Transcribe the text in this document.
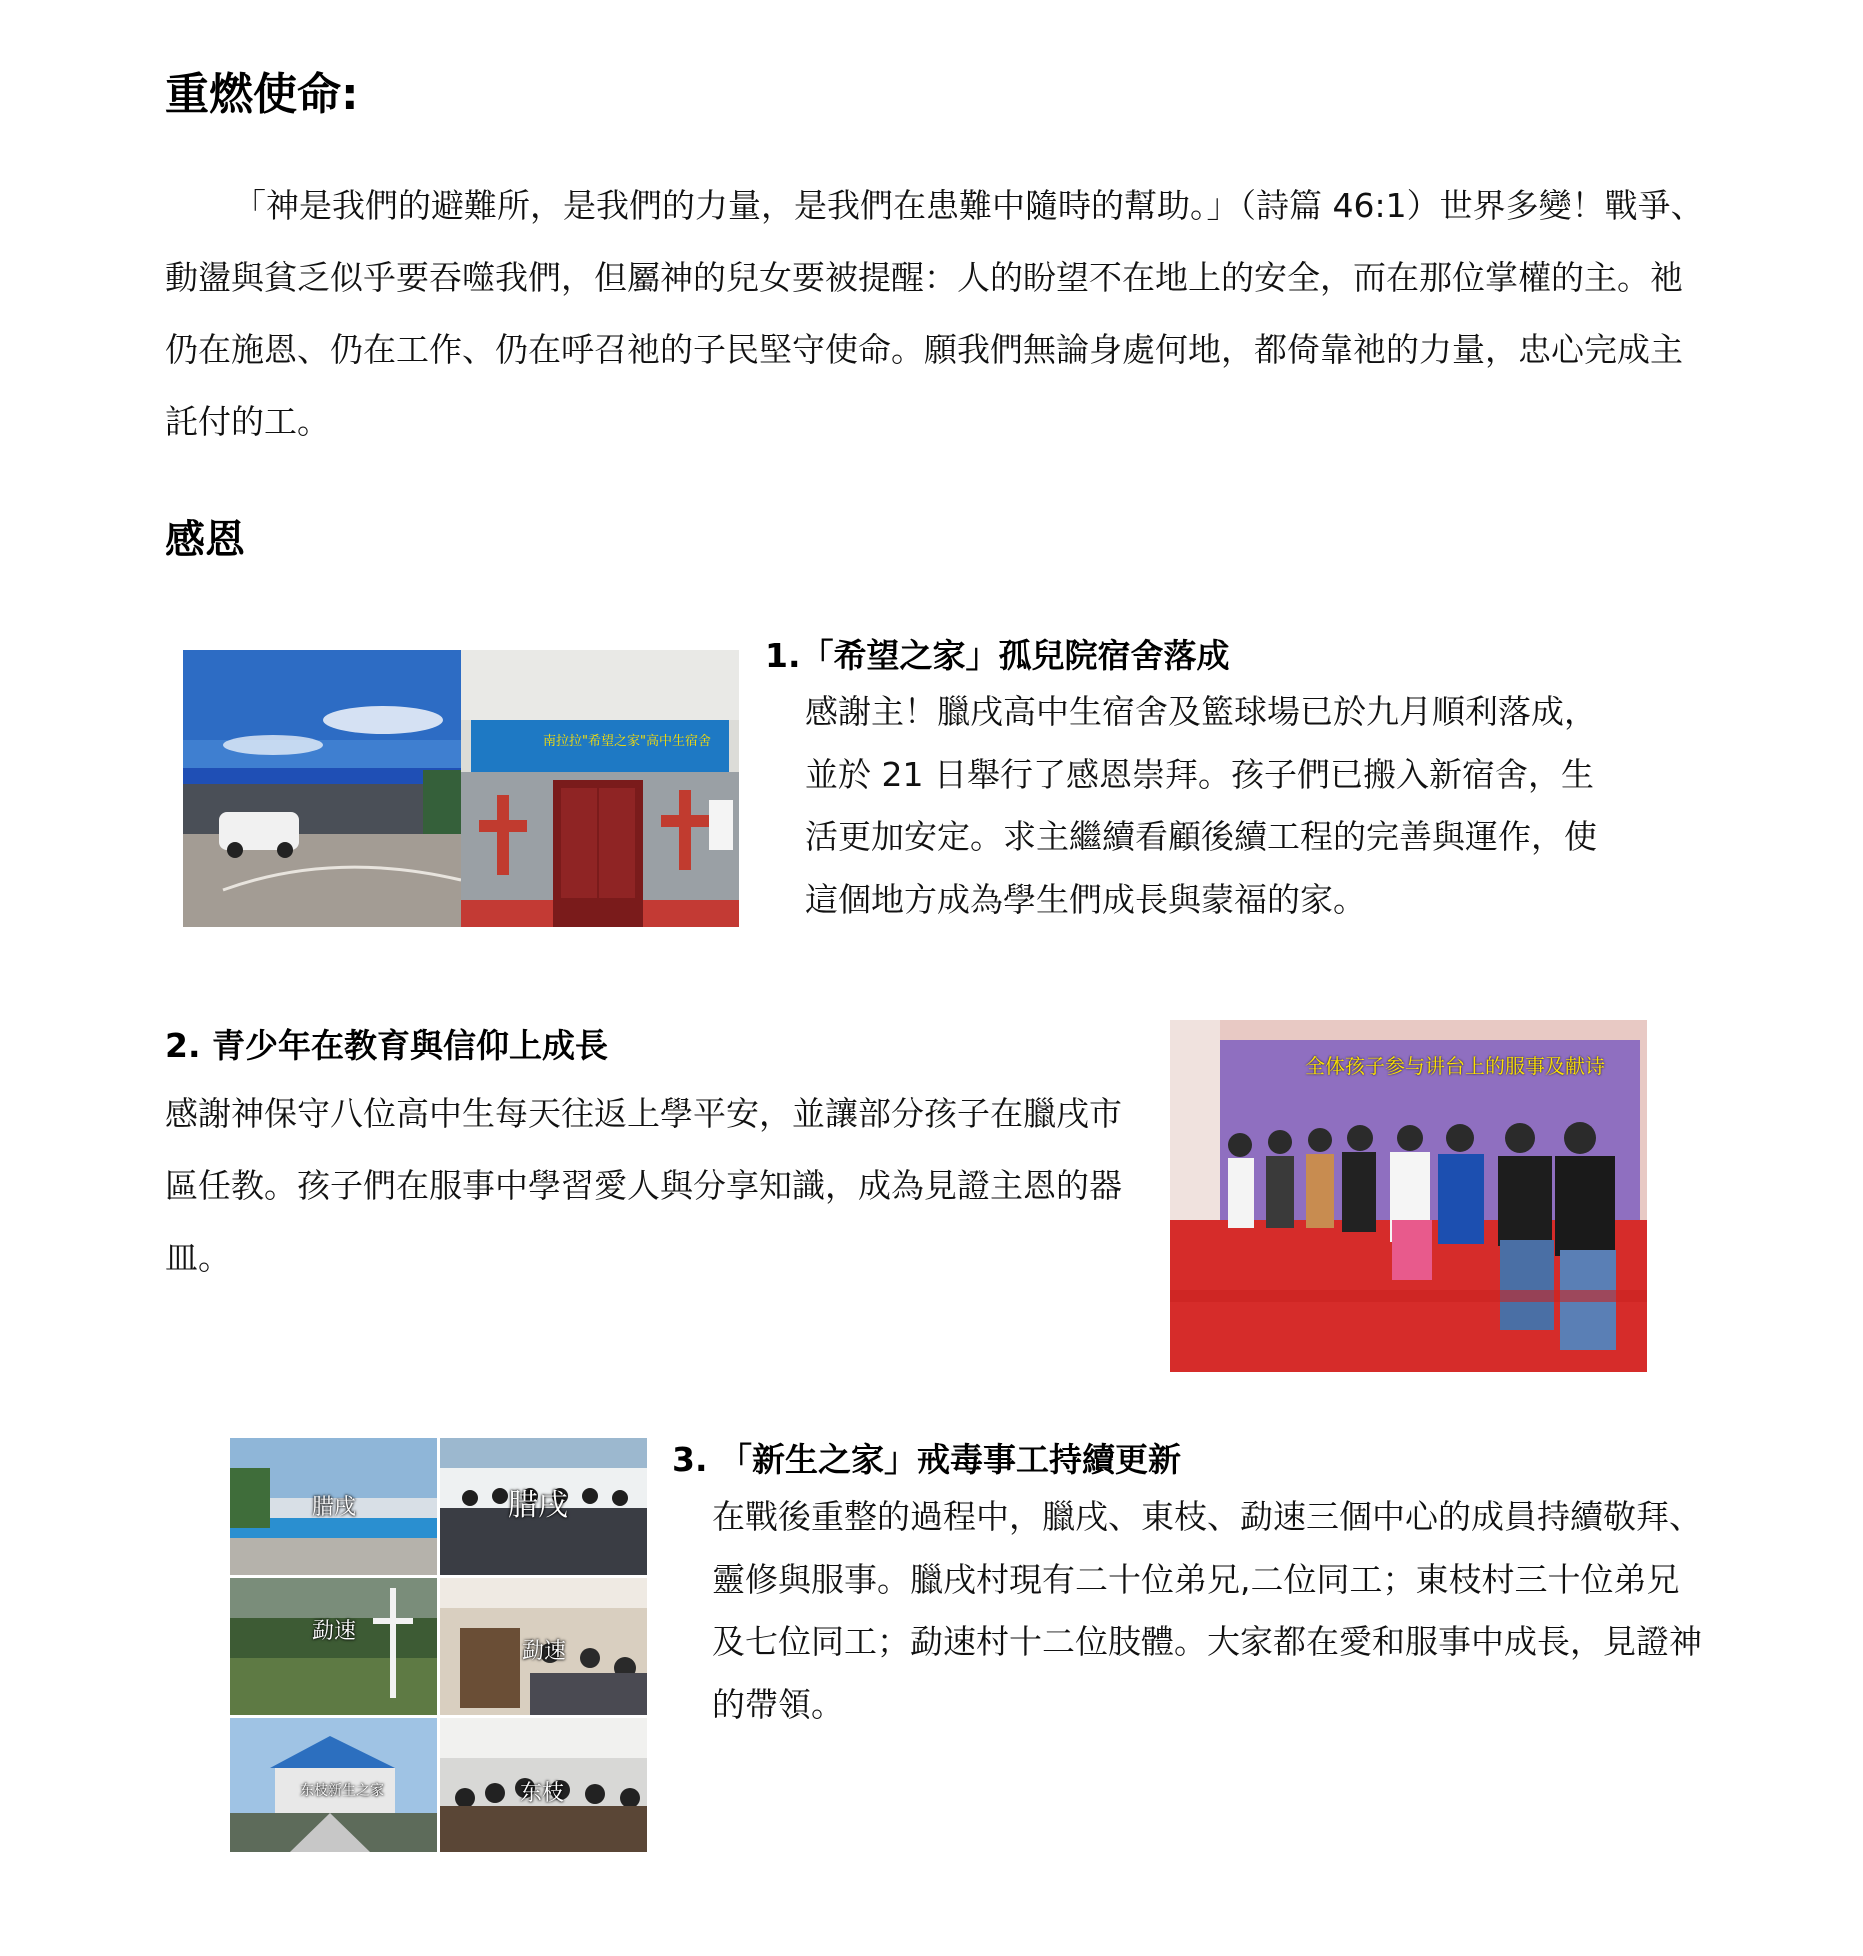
重燃使命:

「神是我們的避難所，是我們的力量，是我們在患難中隨時的幫助。」（詩篇 46:1）世界多變！戰爭、動盪與貧乏似乎要吞噬我們，但屬神的兒女要被提醒：人的盼望不在地上的安全，而在那位掌權的主。祂仍在施恩、仍在工作、仍在呼召祂的子民堅守使命。願我們無論身處何地，都倚靠祂的力量，忠心完成主託付的工。

感恩
南拉拉"希望之家"高中生宿舍
1.「希望之家」孤兒院宿舍落成

感謝主！臘戌高中生宿舍及籃球場已於九月順利落成，並於 21 日舉行了感恩崇拜。孩子們已搬入新宿舍，生活更加安定。求主繼續看顧後續工程的完善與運作，使這個地方成為學生們成長與蒙福的家。

2. 青少年在教育與信仰上成長

感謝神保守八位高中生每天往返上學平安，並讓部分孩子在臘戌市區任教。孩子們在服事中學習愛人與分享知識，成為見證主恩的器皿。

全体孩子参与讲台上的服事及献诗
腊戌	腊戌
勐速
勐速
东枝新生之家	东枝
3. 「新生之家」戒毒事工持續更新

在戰後重整的過程中，臘戌、東枝、勐速三個中心的成員持續敬拜、靈修與服事。臘戌村現有二十位弟兄,二位同工；東枝村三十位弟兄及七位同工；勐速村十二位肢體。大家都在愛和服事中成長，見證神的帶領。
